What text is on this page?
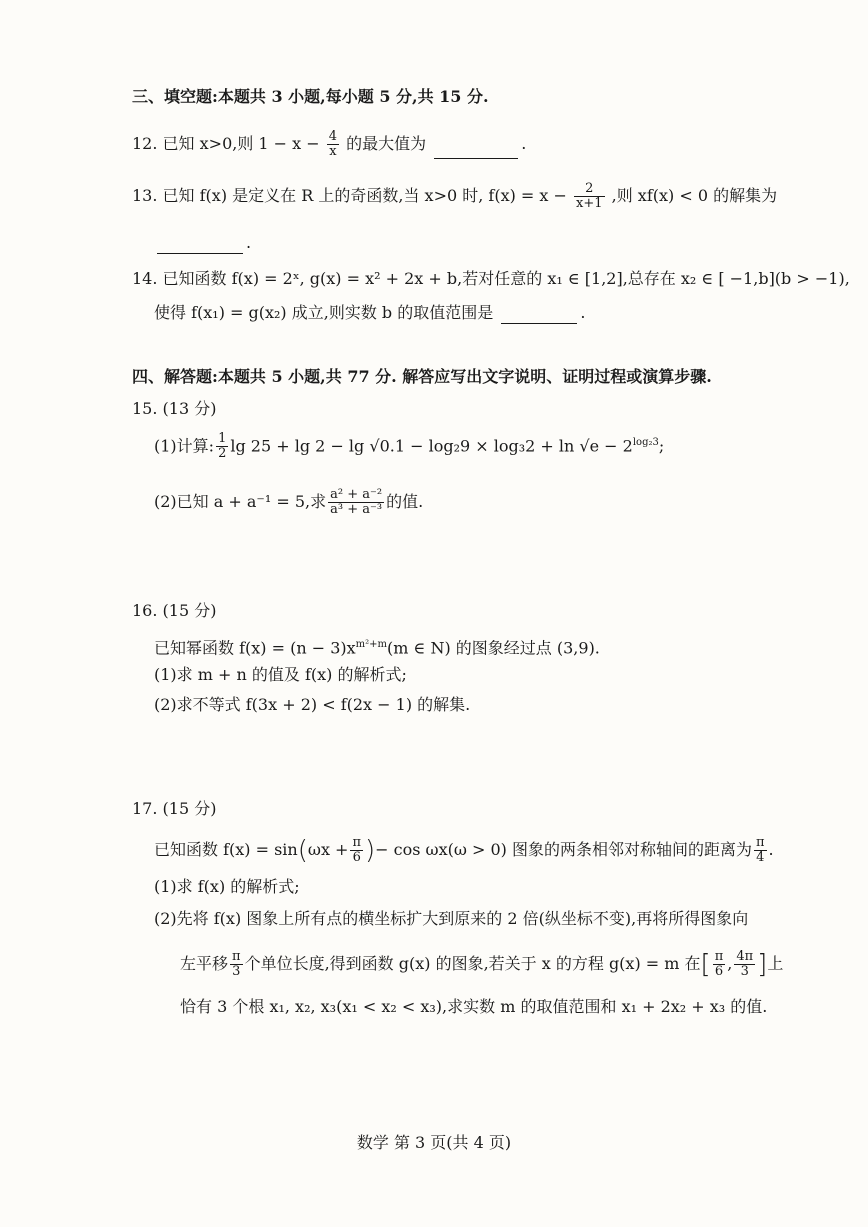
三、填空题:本题共 3 小题,每小题 5 分,共 15 分.
12. 已知 x>0,则 $1 - x - \frac{4}{x}$ 的最大值为	.
13. 已知 f(x) 是定义在 R 上的奇函数,当 x>0 时, $f(x) = x - \frac{2}{x+1}$ ,则 xf(x) < 0 的解集为
.
14. 已知函数 f(x) = 2ˣ, g(x) = x² + 2x + b,若对任意的 x₁ ∈ [1,2],总存在 x₂ ∈ [ −1,b](b > −1),
使得 f(x₁) = g(x₂) 成立,则实数 b 的取值范围是	.
四、解答题:本题共 5 小题,共 77 分. 解答应写出文字说明、证明过程或演算步骤.
15. (13 分)
(1)计算: $\frac{1}{2}$ $\lg 25 + \lg 2 - \lg √0.1 - \log_29 \times \log_32 + \ln √e - 2^{log_23}$;
(2)已知 a + a⁻¹ = 5,求 $\frac{\text{a² + a⁻²}}{\text{a³ + a⁻³}}$ 的值.
16. (15 分)
已知幂函数 $f(x) = (n - 3)x^{m^2+m}(m$ ∈ N) 的图象经过点 (3,9).
(1)求 m + n 的值及 f(x) 的解析式;
(2)求不等式 f(3x + 2) < f(2x − 1) 的解集.
17. (15 分)
已知函数 $f(x) = \sin(\omega x + \frac{\pi}{6}$ )− cos ωx(ω > 0) 图象的两条相邻对称轴间的距离为 $\frac{\pi}{4}$ .
(1)求 f(x) 的解析式;
(2)先将 f(x) 图象上所有点的横坐标扩大到原来的 2 倍(纵坐标不变),再将所得图象向
左平移 $\frac{\pi}{3}$ 个单位长度,得到函数 g(x) 的图象,若关于 x 的方程 g(x) = m 在[ $\frac{\pi}{6}$ , $\frac{4\pi}{3}$ ]上
恰有 3 个根 x₁, x₂, x₃(x₁ < x₂ < x₃),求实数 m 的取值范围和 x₁ + 2x₂ + x₃ 的值.
数学 第 3 页(共 4 页)
